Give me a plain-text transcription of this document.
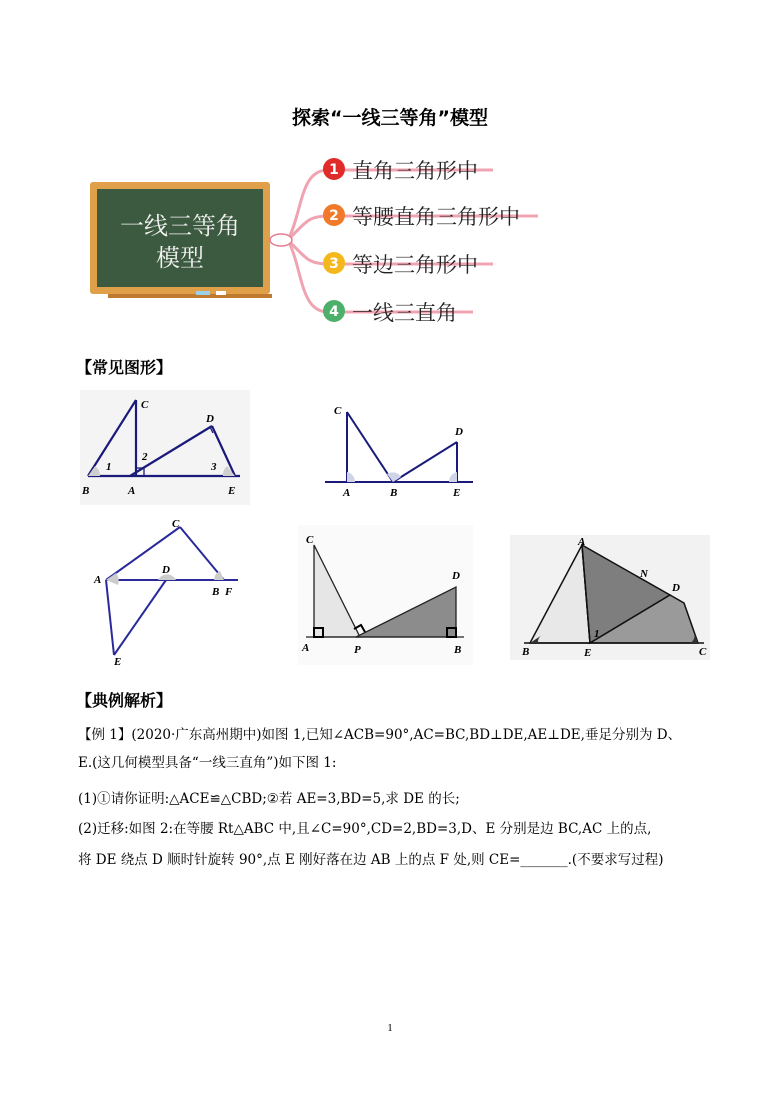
探索“一线三等角”模型
一线三等角
模型
1 直角三角形中
2 等腰直角三角形中
3 等边三角形中
4 一线三直角
【常见图形】
B	A	E
C
D
1
2
3
C
D
A	B	E
A
C
D
B F
E
C
A	P
D
B
A
N
D
B	E	C
1
【典例解析】
【例 1】(2020·广东高州期中)如图 1,已知∠ACB=90°,AC=BC,BD⊥DE,AE⊥DE,垂足分别为 D、
E.(这几何模型具备“一线三直角”)如下图 1:
(1)①请你证明:△ACE≌△CBD;②若 AE=3,BD=5,求 DE 的长;
(2)迁移:如图 2:在等腰 Rt△ABC 中,且∠C=90°,CD=2,BD=3,D、E 分别是边 BC,AC 上的点,
将 DE 绕点 D 顺时针旋转 90°,点 E 刚好落在边 AB 上的点 F 处,则 CE=_______.(不要求写过程)
1
